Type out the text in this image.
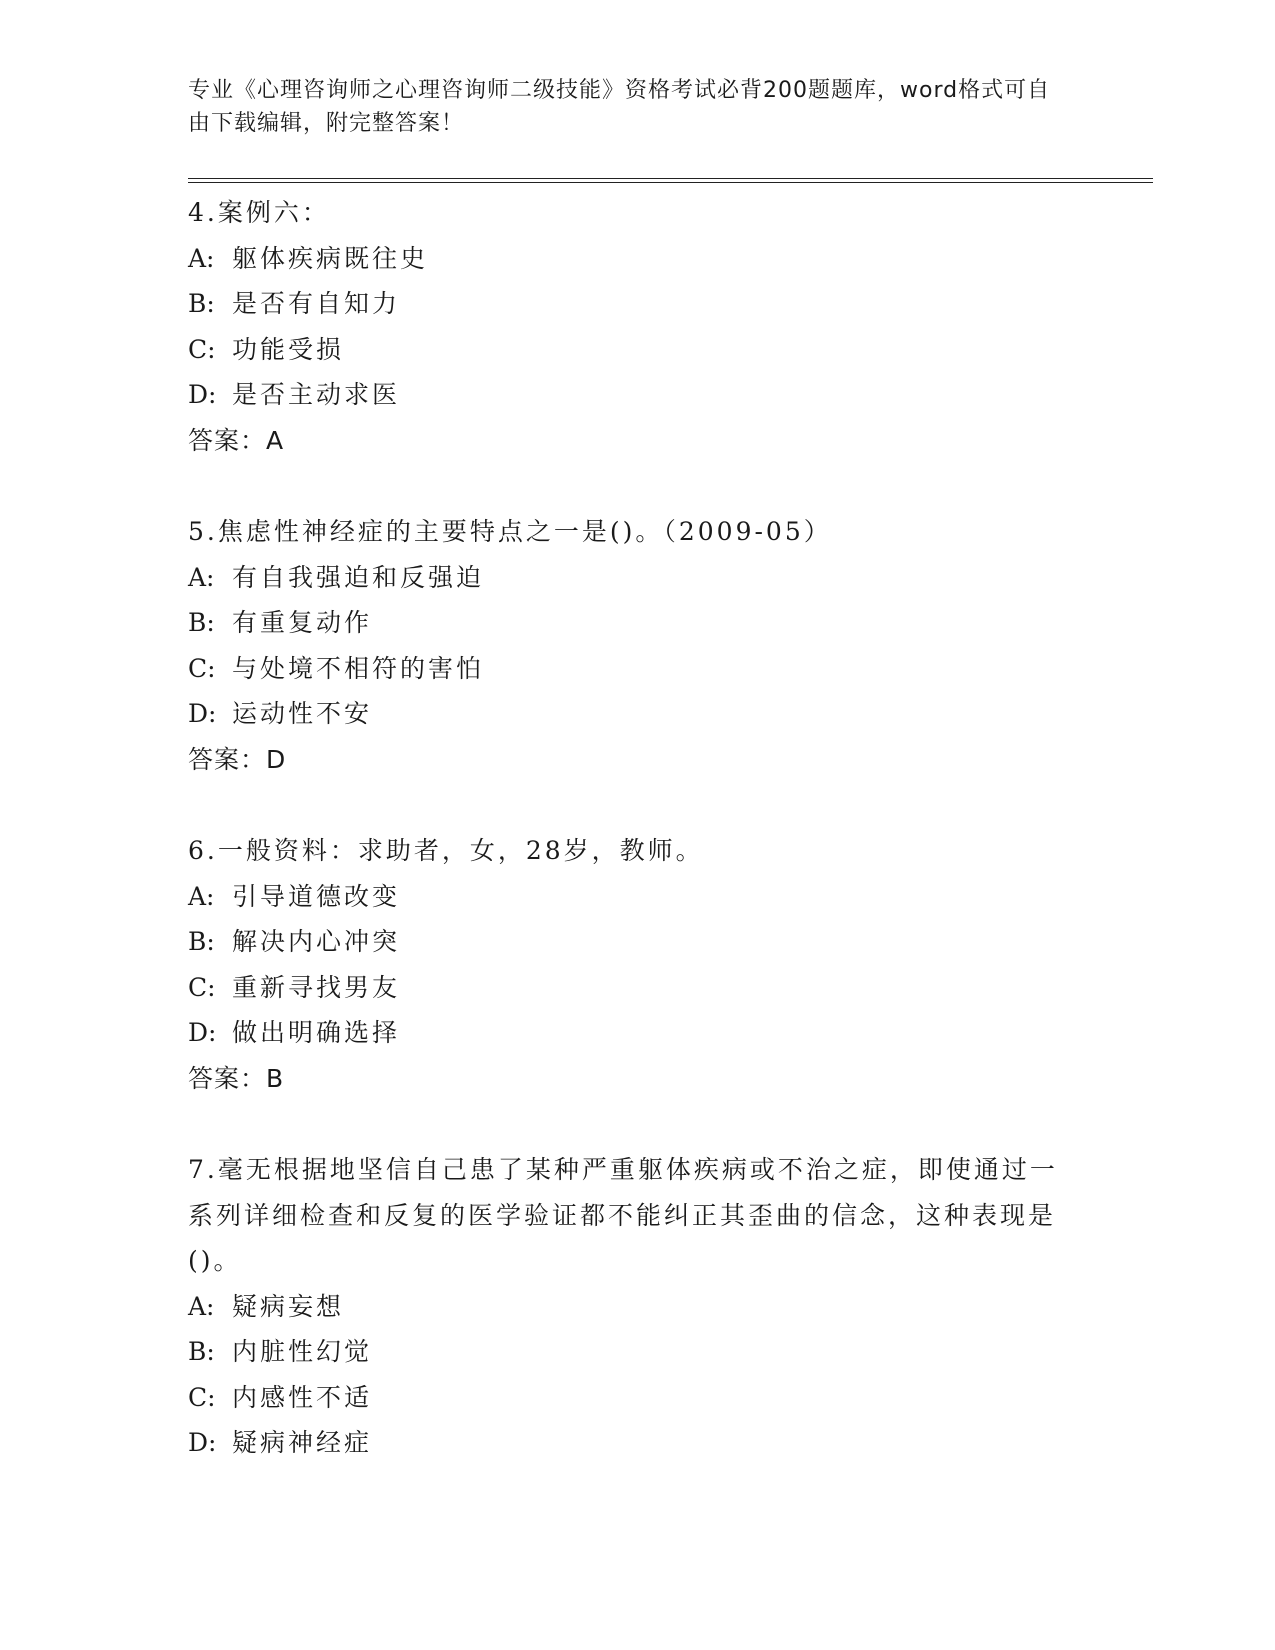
专业《心理咨询师之心理咨询师二级技能》资格考试必背200题题库，word格式可自由下载编辑，附完整答案！

4.案例六：

A: 躯体疾病既往史

B: 是否有自知力

C: 功能受损

D: 是否主动求医

答案：A

5.焦虑性神经症的主要特点之一是()。（2009-05）

A: 有自我强迫和反强迫

B: 有重复动作

C: 与处境不相符的害怕

D: 运动性不安

答案：D

6.一般资料：求助者，女，28岁，教师。

A: 引导道德改变

B: 解决内心冲突

C: 重新寻找男友

D: 做出明确选择

答案：B

7.毫无根据地坚信自己患了某种严重躯体疾病或不治之症，即使通过一系列详细检查和反复的医学验证都不能纠正其歪曲的信念，这种表现是()。

A: 疑病妄想

B: 内脏性幻觉

C: 内感性不适

D: 疑病神经症
